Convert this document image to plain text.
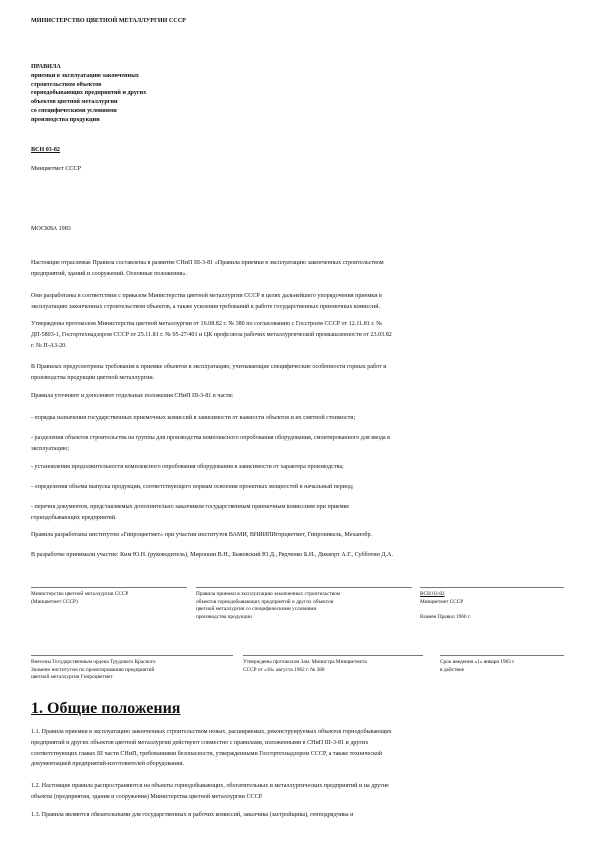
МИНИСТЕРСТВО ЦВЕТНОЙ МЕТАЛЛУРГИИ СССР
ПРАВИЛА
приемки в эксплуатацию законченных
строительством объектов
горнодобывающих предприятий и других
объектов цветной металлургии
со специфическими условиями
производства продукции
ВСН 03-82
Минцветмет СССР
МОСКВА 1983
Настоящие отраслевые Правила составлены в развитие СНиП III-3-81 «Правила приемки в эксплуатацию законченных строительством
предприятий, зданий и сооружений. Основные положения».
Они разработаны в соответствии с приказом Министерства цветной металлургии СССР в целях дальнейшего упорядочения приемки в
эксплуатацию законченных строительством объектов, а также усиления требований к работе государственных приемочных комиссий.
Утверждены протоколом Министерства цветной металлургии от 16.08.82 г. № 380 по согласованию с Госстроем СССР от 12.11.81 г. №
ДП-5803-1, Госгортехнадзором СССР от 25.11.81 г. № 05-27/401 и ЦК профсоюза рабочих металлургической промышленности от 23.03.82
г. № П-А3-20.
В Правилах предусмотрены требования к приемке объектов в эксплуатацию, учитывающие специфические особенности горных работ и
производства продукции цветной металлургии.
Правила уточняют и дополняют отдельные положения СНиП III-3-81 в части:
- порядка назначения государственных приемочных комиссий в зависимости от важности объектов и их сметной стоимости;
- разделения объектов строительства на группы для производства комплексного опробования оборудования, смонтированного для ввода в
эксплуатацию;
- установления продолжительности комплексного опробования оборудования в зависимости от характера производства;
- определения объема выпуска продукции, соответствующего нормам освоения проектных мощностей в начальный период;
- перечня документов, представляемых дополнительно заказчиком государственным приемочным комиссиям при приемке
горнодобывающих предприятий.
Правила разработаны институтом «Гипроцветмет» при участии институтов ВАМИ, ВНИИПИгорцветмет, Гипроникель, Механобр.
В разработке принимали участие: Ким Ю.Н. (руководитель), Мирошин В.Н., Быковский Ю.Д., Рядченко Б.И., Дикворт А.Г., Субботин Д.А.
Министерство цветной металлургии СССР
(Минцветмет СССР)
Правила приемки в эксплуатацию законченных строительством
объектов горнодобывающих предприятий и других объектов
цветной металлургии со специфическими условиями
производства продукции
ВСН 03-82
Минцветмет СССР
Взамен Правил 1966 г.
Внесены Государственным ордена Трудового Красного
Знамени институтом по проектированию предприятий
цветной металлургии Гипроцветмет
Утверждены протоколом Зам. Министра Минцветмета
СССР от «16» августа 1982 г. № 380
Срок введения «1» января 1983 г.
в действие
1. Общие положения
1.1. Правила приемки в эксплуатацию законченных строительством новых, расширяемых, реконструируемых объектов горнодобывающих
предприятий и других объектов цветной металлургии действуют совместно с правилами, изложенными в СНиП III-3-81 и других
соответствующих главах III части СНиП, требованиями безопасности, утвержденными Госгортехнадзором СССР, а также технической
документацией предприятий-изготовителей оборудования.
1.2. Настоящие правила распространяются на объекты горнодобывающих, обогатительных и металлургических предприятий и на другие
объекты (предприятия, здания и сооружения) Министерства цветной металлургии СССР.
1.3. Правила являются обязательными для государственных и рабочих комиссий, заказчика (застройщика), генподрядчика и
